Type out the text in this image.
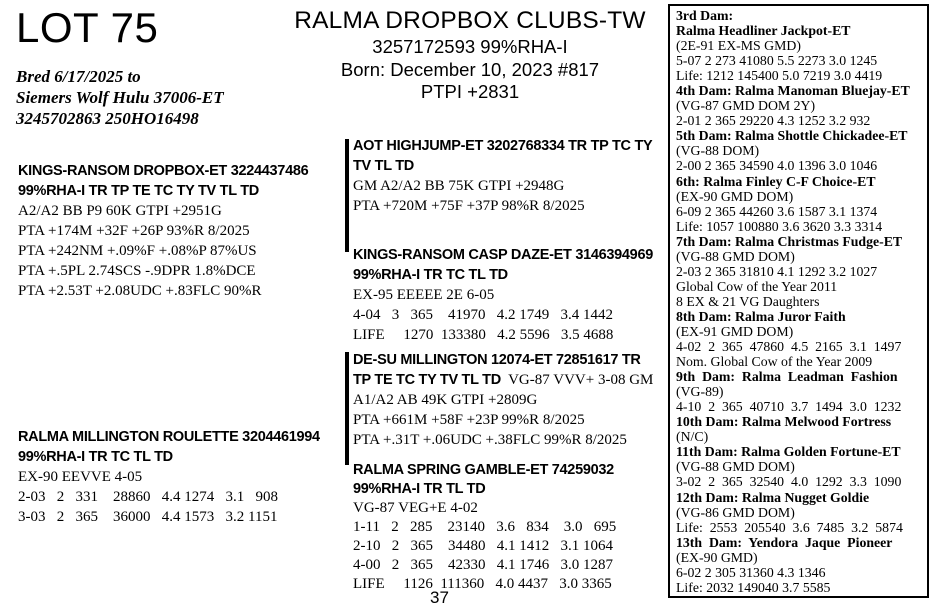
LOT 75
Bred 6/17/2025 to
Siemers Wolf Hulu 37006-ET
3245702863 250HO16498
RALMA DROPBOX CLUBS-TW
3257172593 99%RHA-I
Born: December 10, 2023 #817
PTPI +2831
KINGS-RANSOM DROPBOX-ET 3224437486
99%RHA-I TR TP TE TC TY TV TL TD
A2/A2 BB P9 60K GTPI +2951G
PTA +174M +32F +26P 93%R 8/2025
PTA +242NM +.09%F +.08%P 87%US
PTA +.5PL 2.74SCS -.9DPR 1.8%DCE
PTA +2.53T +2.08UDC +.83FLC 90%R
RALMA MILLINGTON ROULETTE 3204461994
99%RHA-I TR TC TL TD
EX-90 EEVVE 4-05
2-03   2   331    28860   4.4 1274   3.1   908
3-03   2   365    36000   4.4 1573   3.2 1151
AOT HIGHJUMP-ET 3202768334 TR TP TC TY
TV TL TD
GM A2/A2 BB 75K GTPI +2948G
PTA +720M +75F +37P 98%R 8/2025
KINGS-RANSOM CASP DAZE-ET 3146394969
99%RHA-I TR TC TL TD
EX-95 EEEEE 2E 6-05
4-04   3   365    41970   4.2 1749   3.4 1442
LIFE     1270  133380   4.2 5596   3.5 4688
DE-SU MILLINGTON 12074-ET 72851617 TR
TP TE TC TY TV TL TD  VG-87 VVV+ 3-08 GM
A1/A2 AB 49K GTPI +2809G
PTA +661M +58F +23P 99%R 8/2025
PTA +.31T +.06UDC +.38FLC 99%R 8/2025
RALMA SPRING GAMBLE-ET 74259032
99%RHA-I TR TL TD
VG-87 VEG+E 4-02
1-11   2   285    23140   3.6   834    3.0   695
2-10   2   365    34480   4.1 1412   3.1 1064
4-00   2   365    42330   4.1 1746   3.0 1287
LIFE     1126  111360   4.0 4437   3.0 3365
3rd Dam:
Ralma Headliner Jackpot-ET
(2E-91 EX-MS GMD)
5-07 2 273 41080 5.5 2273 3.0 1245
Life: 1212 145400 5.0 7219 3.0 4419
4th Dam: Ralma Manoman Bluejay-ET
(VG-87 GMD DOM 2Y)
2-01 2 365 29220 4.3 1252 3.2 932
5th Dam: Ralma Shottle Chickadee-ET
(VG-88 DOM)
2-00 2 365 34590 4.0 1396 3.0 1046
6th: Ralma Finley C-F Choice-ET
(EX-90 GMD DOM)
6-09 2 365 44260 3.6 1587 3.1 1374
Life: 1057 100880 3.6 3620 3.3 3314
7th Dam: Ralma Christmas Fudge-ET
(VG-88 GMD DOM)
2-03 2 365 31810 4.1 1292 3.2 1027
Global Cow of the Year 2011
8 EX & 21 VG Daughters
8th Dam: Ralma Juror Faith
(EX-91 GMD DOM)
4-02  2  365  47860  4.5  2165  3.1  1497
Nom. Global Cow of the Year 2009
9th  Dam:  Ralma  Leadman  Fashion
(VG-89)
4-10  2  365  40710  3.7  1494  3.0  1232
10th Dam: Ralma Melwood Fortress
(N/C)
11th Dam: Ralma Golden Fortune-ET
(VG-88 GMD DOM)
3-02  2  365  32540  4.0  1292  3.3  1090
12th Dam: Ralma Nugget Goldie
(VG-86 GMD DOM)
Life:  2553  205540  3.6  7485  3.2  5874
13th  Dam:  Yendora  Jaque  Pioneer
(EX-90 GMD)
6-02 2 305 31360 4.3 1346
Life: 2032 149040 3.7 5585
37
